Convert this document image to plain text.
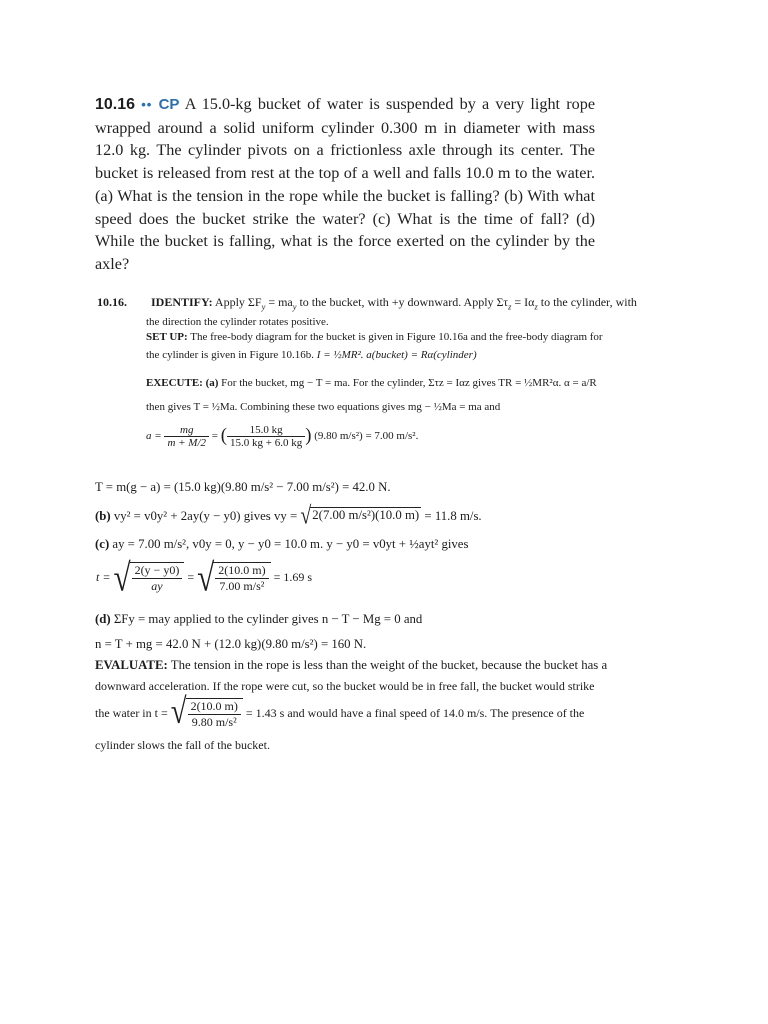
10.16 •• CP A 15.0-kg bucket of water is suspended by a very light rope wrapped around a solid uniform cylinder 0.300 m in diameter with mass 12.0 kg. The cylinder pivots on a frictionless axle through its center. The bucket is released from rest at the top of a well and falls 10.0 m to the water. (a) What is the tension in the rope while the bucket is falling? (b) With what speed does the bucket strike the water? (c) What is the time of fall? (d) While the bucket is falling, what is the force exerted on the cylinder by the axle?
10.16. IDENTIFY: Apply $\Sigma F_y = ma_y$ to the bucket, with +y downward. Apply $\Sigma\tau_z = I\alpha_z$ to the cylinder, with
the direction the cylinder rotates positive.
SET UP: The free-body diagram for the bucket is given in Figure 10.16a and the free-body diagram for
the cylinder is given in Figure 10.16b. I = ½MR². a(bucket) = Rα(cylinder)
EXECUTE: (a) For the bucket, mg − T = ma. For the cylinder, Στz = Iαz gives TR = ½MR²α. α = a/R
then gives T = ½Ma. Combining these two equations gives mg − ½Ma = ma and
$a = \frac{mg}{m + M/2}$ = ( $\frac{15.0 kg}{15.0 kg + 6.0 kg}$ ) (9.80 m/s²) = 7.00 m/s².
T = m(g − a) = (15.0 kg)(9.80 m/s² − 7.00 m/s²) = 42.0 N.
(b) vy² = v0y² + 2ay(y − y0) gives vy = √ 2(7.00 m/s²)(10.0 m) = 11.8 m/s.
(c) ay = 7.00 m/s², v0y = 0, y − y0 = 10.0 m. y − y0 = v0yt + ½ayt² gives
t = √ $\frac{2(y - y0)}{ay}$ = √ $\frac{2(10.0 m)}{\text{7.00 m/s²}} = 1.69$ s
(d) ΣFy = may applied to the cylinder gives n − T − Mg = 0 and
n = T + mg = 42.0 N + (12.0 kg)(9.80 m/s²) = 160 N.
EVALUATE: The tension in the rope is less than the weight of the bucket, because the bucket has a
downward acceleration. If the rope were cut, so the bucket would be in free fall, the bucket would strike
the water in t = √ $\frac{2(10.0 m)}{\text{9.80 m/s²}} = 1.43$ s and would have a final speed of 14.0 m/s. The presence of the
cylinder slows the fall of the bucket.
